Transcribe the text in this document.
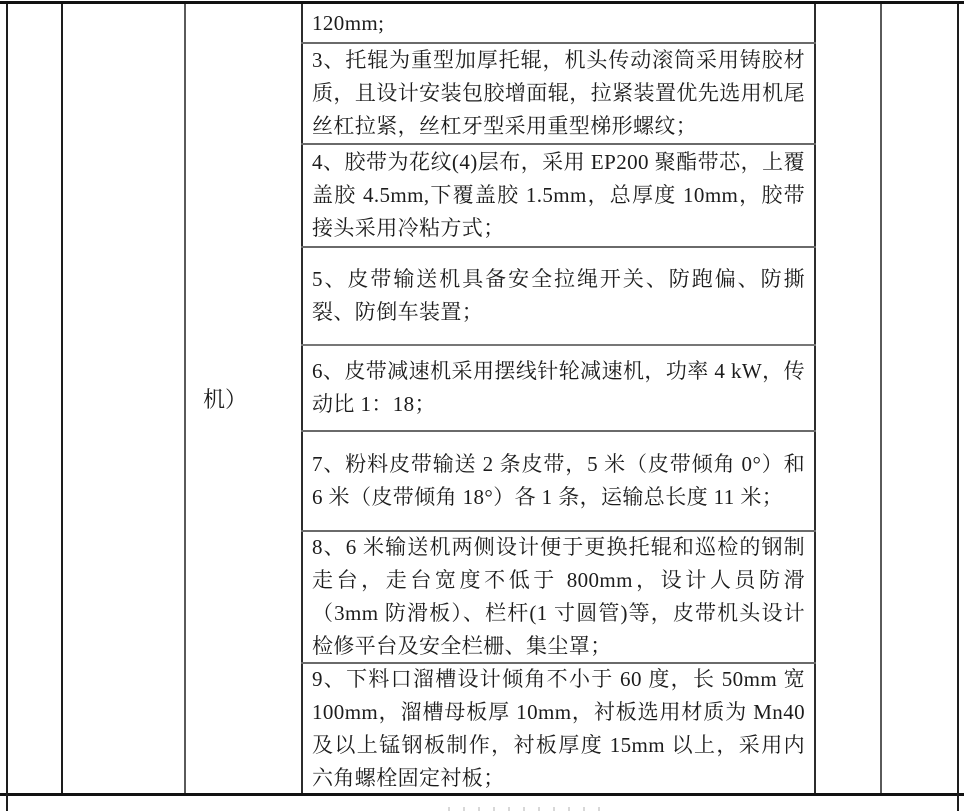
机）
120mm;
3、托辊为重型加厚托辊，机头传动滚筒采用铸胶材质，且设计安装包胶增面辊，拉紧装置优先选用机尾丝杠拉紧，丝杠牙型采用重型梯形螺纹；
4、胶带为花纹(4)层布，采用 EP200 聚酯带芯，上覆盖胶 4.5mm,下覆盖胶 1.5mm，总厚度 10mm，胶带接头采用冷粘方式；
5、皮带输送机具备安全拉绳开关、防跑偏、防撕裂、防倒车装置；
6、皮带减速机采用摆线针轮减速机，功率 4 kW，传动比 1：18；
7、粉料皮带输送 2 条皮带，5 米（皮带倾角 0°）和 6 米（皮带倾角 18°）各 1 条，运输总长度 11 米；
8、6 米输送机两侧设计便于更换托辊和巡检的钢制走台，走台宽度不低于 800mm，设计人员防滑（3mm 防滑板）、栏杆(1 寸圆管)等，皮带机头设计检修平台及安全栏栅、集尘罩；
9、下料口溜槽设计倾角不小于 60 度，长 50mm 宽 100mm，溜槽母板厚 10mm，衬板选用材质为 Mn40 及以上锰钢板制作，衬板厚度 15mm 以上，采用内六角螺栓固定衬板；
